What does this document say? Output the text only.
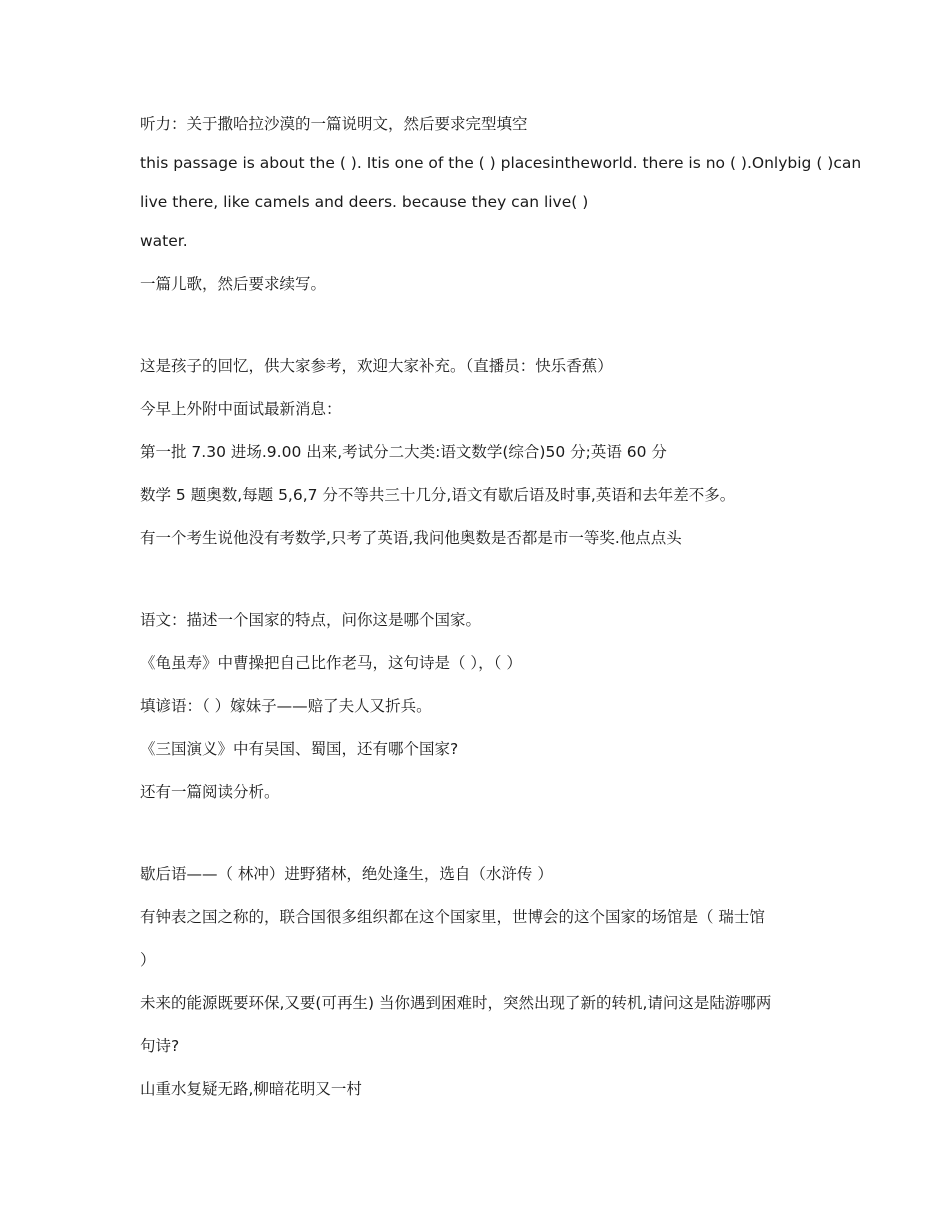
听力：关于撒哈拉沙漠的一篇说明文，然后要求完型填空
this passage is about the ( ). Itis one of the ( ) placesintheworld. there is no ( ).Onlybig ( )can
live there, like camels and deers. because they can live( )
water.
一篇儿歌，然后要求续写。
这是孩子的回忆，供大家参考，欢迎大家补充。（直播员：快乐香蕉）
今早上外附中面试最新消息：
第一批 7.30 进场.9.00 出来,考试分二大类:语文数学(综合)50 分;英语 60 分
数学 5 题奥数,每题 5,6,7 分不等共三十几分,语文有歇后语及时事,英语和去年差不多。
有一个考生说他没有考数学,只考了英语,我问他奥数是否都是市一等奖.他点点头
语文：描述一个国家的特点，问你这是哪个国家。
《龟虽寿》中曹操把自己比作老马，这句诗是（ ），（ ）
填谚语：（ ）嫁妹子——赔了夫人又折兵。
《三国演义》中有吴国、蜀国，还有哪个国家?
还有一篇阅读分析。
歇后语——（ 林冲）进野猪林，绝处逢生，选自（水浒传 ）
有钟表之国之称的，联合国很多组织都在这个国家里，世博会的这个国家的场馆是（ 瑞士馆
）
未来的能源既要环保,又要(可再生) 当你遇到困难时，突然出现了新的转机,请问这是陆游哪两
句诗?
山重水复疑无路,柳暗花明又一村
